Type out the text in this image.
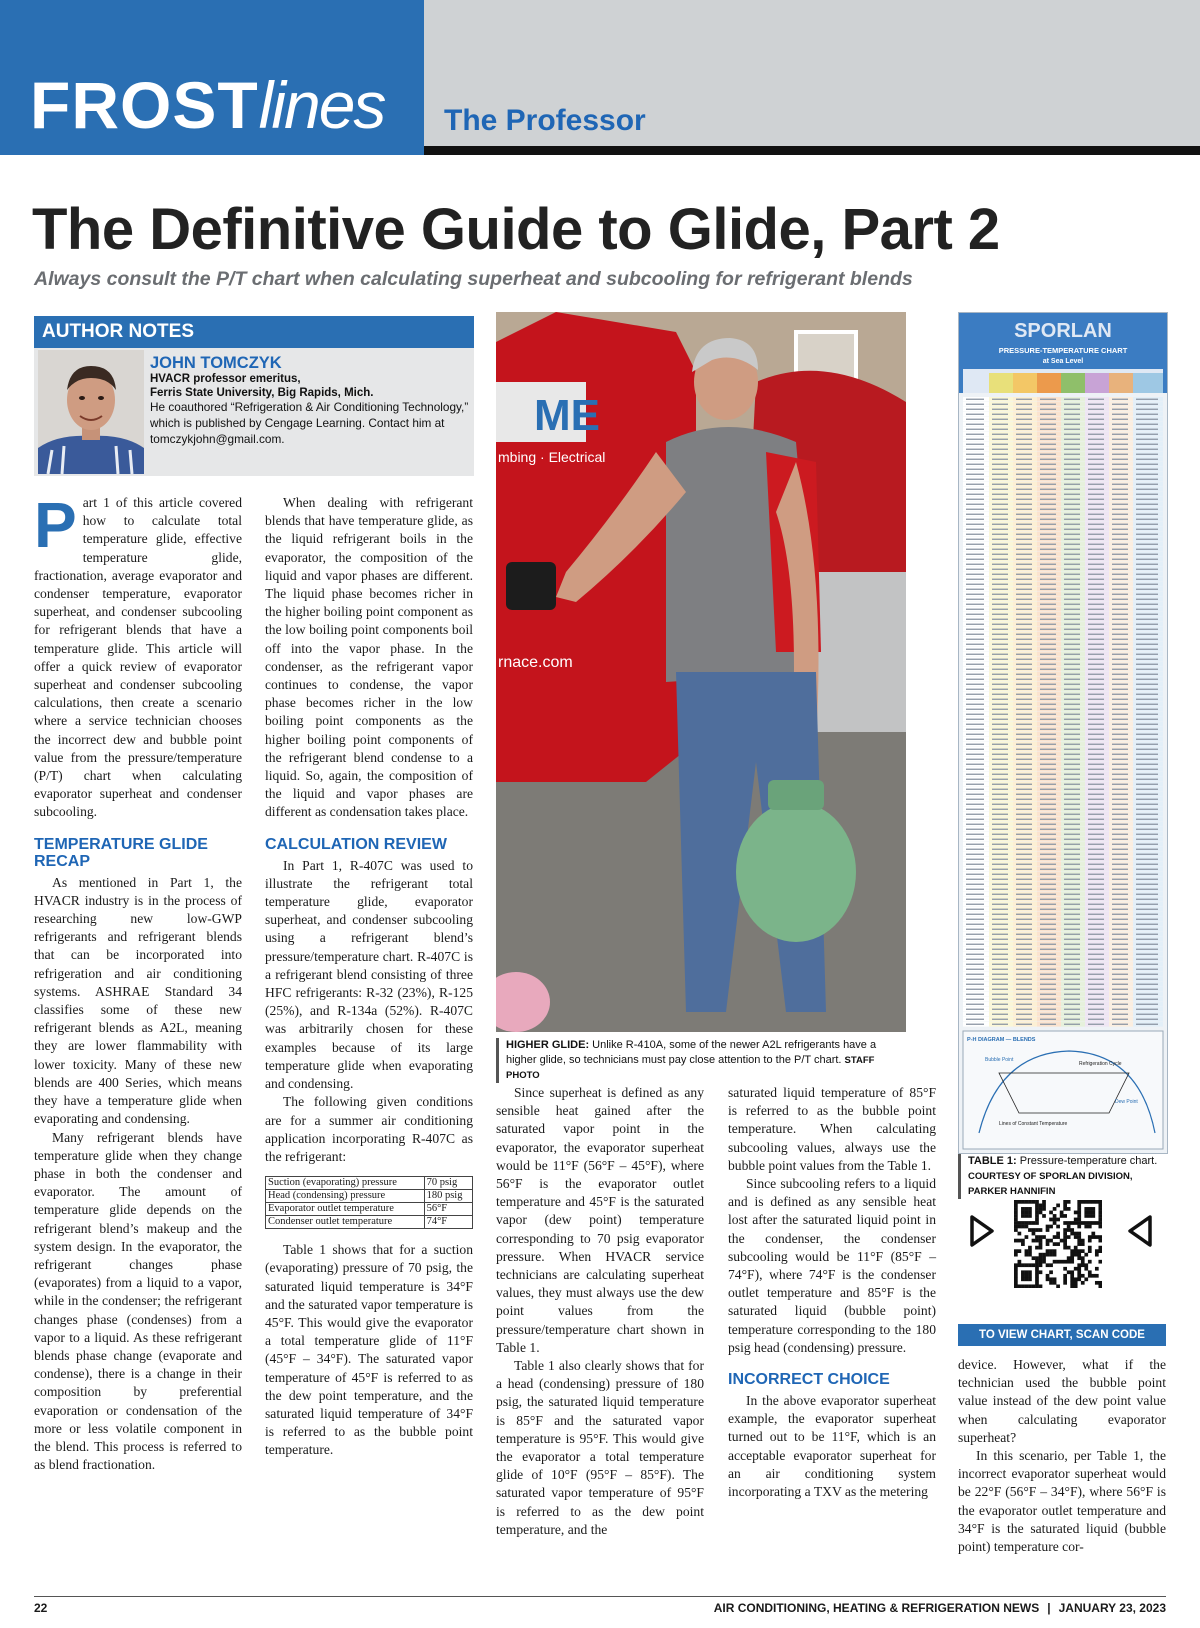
FROSTlines The Professor
The Definitive Guide to Glide, Part 2
Always consult the P/T chart when calculating superheat and subcooling for refrigerant blends
AUTHOR NOTES
JOHN TOMCZYK
HVACR professor emeritus,
Ferris State University, Big Rapids, Mich.
He coauthored “Refrigeration & Air Conditioning Technology,” which is published by Cengage Learning. Contact him at tomczykjohn@gmail.com.

Part 1 of this article covered how to calculate total temperature glide, effective temperature glide, fractionation, average evaporator and condenser temperature, evaporator superheat, and condenser subcooling for refrigerant blends that have a temperature glide. This article will offer a quick review of evaporator superheat and condenser subcooling calculations, then create a scenario where a service technician chooses the incorrect dew and bubble point value from the pressure/temperature (P/T) chart when calculating evaporator superheat and condenser subcooling.

TEMPERATURE GLIDE RECAP

As mentioned in Part 1, the HVACR industry is in the process of researching new low-GWP refrigerants and refrigerant blends that can be incorporated into refrigeration and air conditioning systems. ASHRAE Standard 34 classifies some of these new refrigerant blends as A2L, meaning they are lower flammability with lower toxicity. Many of these new blends are 400 Series, which means they have a temperature glide when evaporating and condensing.

Many refrigerant blends have temperature glide when they change phase in both the condenser and evaporator. The amount of temperature glide depends on the refrigerant blend’s makeup and the system design. In the evaporator, the refrigerant changes phase (evaporates) from a liquid to a vapor, while in the condenser; the refrigerant changes phase (condenses) from a vapor to a liquid. As these refrigerant blends phase change (evaporate and condense), there is a change in their composition by preferential evaporation or condensation of the more or less volatile component in the blend. This process is referred to as blend fractionation.

When dealing with refrigerant blends that have temperature glide, as the liquid refrigerant boils in the evaporator, the composition of the liquid and vapor phases are different. The liquid phase becomes richer in the higher boiling point component as the low boiling point components boil off into the vapor phase. In the condenser, as the refrigerant vapor continues to condense, the vapor phase becomes richer in the low boiling point components as the higher boiling point components of the refrigerant blend condense to a liquid. So, again, the composition of the liquid and vapor phases are different as condensation takes place.

CALCULATION REVIEW

In Part 1, R-407C was used to illustrate the refrigerant total temperature glide, evaporator superheat, and condenser subcooling using a refrigerant blend’s pressure/temperature chart. R-407C is a refrigerant blend consisting of three HFC refrigerants: R-32 (23%), R-125 (25%), and R-134a (52%). R-407C was arbitrarily chosen for these examples because of its large temperature glide when evaporating and condensing.

The following given conditions are for a summer air conditioning application incorporating R-407C as the refrigerant:

Suction (evaporating) pressure	70 psig
Head (condensing) pressure	180 psig
Evaporator outlet temperature	56°F
Condenser outlet temperature	74°F

Table 1 shows that for a suction (evaporating) pressure of 70 psig, the saturated liquid temperature is 34°F and the saturated vapor temperature is 45°F. This would give the evaporator a total temperature glide of 11°F (45°F – 34°F). The saturated vapor temperature of 45°F is referred to as the dew point temperature, and the saturated liquid temperature of 34°F is referred to as the bubble point temperature.

ME
mbing · Electrical
rnace.com
HIGHER GLIDE: Unlike R-410A, some of the newer A2L refrigerants have a higher glide, so technicians must pay close attention to the P/T chart. STAFF PHOTO

Since superheat is defined as any sensible heat gained after the saturated vapor point in the evaporator, the evaporator superheat would be 11°F (56°F – 45°F), where 56°F is the evaporator outlet temperature and 45°F is the saturated vapor (dew point) temperature corresponding to 70 psig evaporator pressure. When HVACR service technicians are calculating superheat values, they must always use the dew point values from the pressure/temperature chart shown in Table 1.

Table 1 also clearly shows that for a head (condensing) pressure of 180 psig, the saturated liquid temperature is 85°F and the saturated vapor temperature is 95°F. This would give the evaporator a total temperature glide of 10°F (95°F – 85°F). The saturated vapor temperature of 95°F is referred to as the dew point temperature, and the

saturated liquid temperature of 85°F is referred to as the bubble point temperature. When calculating subcooling values, always use the bubble point values from the Table 1.

Since subcooling refers to a liquid and is defined as any sensible heat lost after the saturated liquid point in the condenser, the condenser subcooling would be 11°F (85°F – 74°F), where 74°F is the condenser outlet temperature and 85°F is the saturated liquid (bubble point) temperature corresponding to the 180 psig head (condensing) pressure.

INCORRECT CHOICE

In the above evaporator superheat example, the evaporator superheat turned out to be 11°F, which is an acceptable evaporator superheat for an air conditioning system incorporating a TXV as the metering

SPORLAN
PRESSURE-TEMPERATURE CHART
at Sea Level
P-H DIAGRAM — BLENDS
Bubble Point
Refrigeration Cycle
Dew Point
Lines of Constant Temperature
TABLE 1: Pressure-temperature chart. COURTESY OF SPORLAN DIVISION, PARKER HANNIFIN
TO VIEW CHART, SCAN CODE

device. However, what if the technician used the bubble point value instead of the dew point value when calculating evaporator superheat?

In this scenario, per Table 1, the incorrect evaporator superheat would be 22°F (56°F – 34°F), where 56°F is the evaporator outlet temperature and 34°F is the saturated liquid (bubble point) temperature cor-

22	AIR CONDITIONING, HEATING & REFRIGERATION NEWS | JANUARY 23, 2023
